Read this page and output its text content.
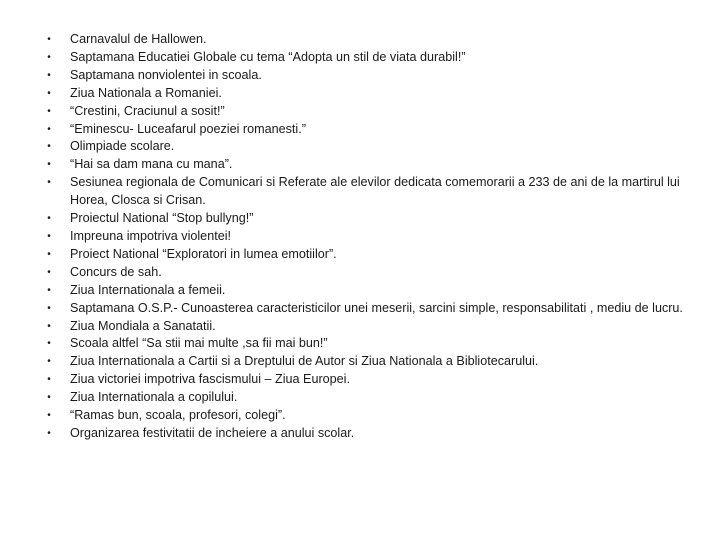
• Carnavalul de Hallowen.
• Saptamana Educatiei Globale cu tema “Adopta un stil de viata durabil!”
• Saptamana nonviolentei in scoala.
• Ziua Nationala a Romaniei.
• “Crestini, Craciunul a sosit!”
• “Eminescu- Luceafarul poeziei romanesti.”
• Olimpiade scolare.
• “Hai sa dam mana cu mana”.
• Sesiunea regionala de Comunicari si Referate ale elevilor dedicata comemorarii a 233 de ani de la martirul lui Horea, Closca si Crisan.
• Proiectul National “Stop bullyng!”
• Impreuna impotriva violentei!
• Proiect National “Exploratori in lumea emotiilor”.
• Concurs de sah.
• Ziua Internationala a femeii.
• Saptamana O.S.P.- Cunoasterea caracteristicilor unei meserii, sarcini simple, responsabilitati , mediu de lucru.
• Ziua Mondiala a Sanatatii.
• Scoala altfel “Sa stii mai multe ,sa fii mai bun!”
• Ziua Internationala a Cartii si a Dreptului de Autor si Ziua Nationala a Bibliotecarului.
• Ziua victoriei impotriva fascismului – Ziua Europei.
• Ziua Internationala a copilului.
• “Ramas bun, scoala, profesori, colegi”.
• Organizarea festivitatii de incheiere a anului scolar.
